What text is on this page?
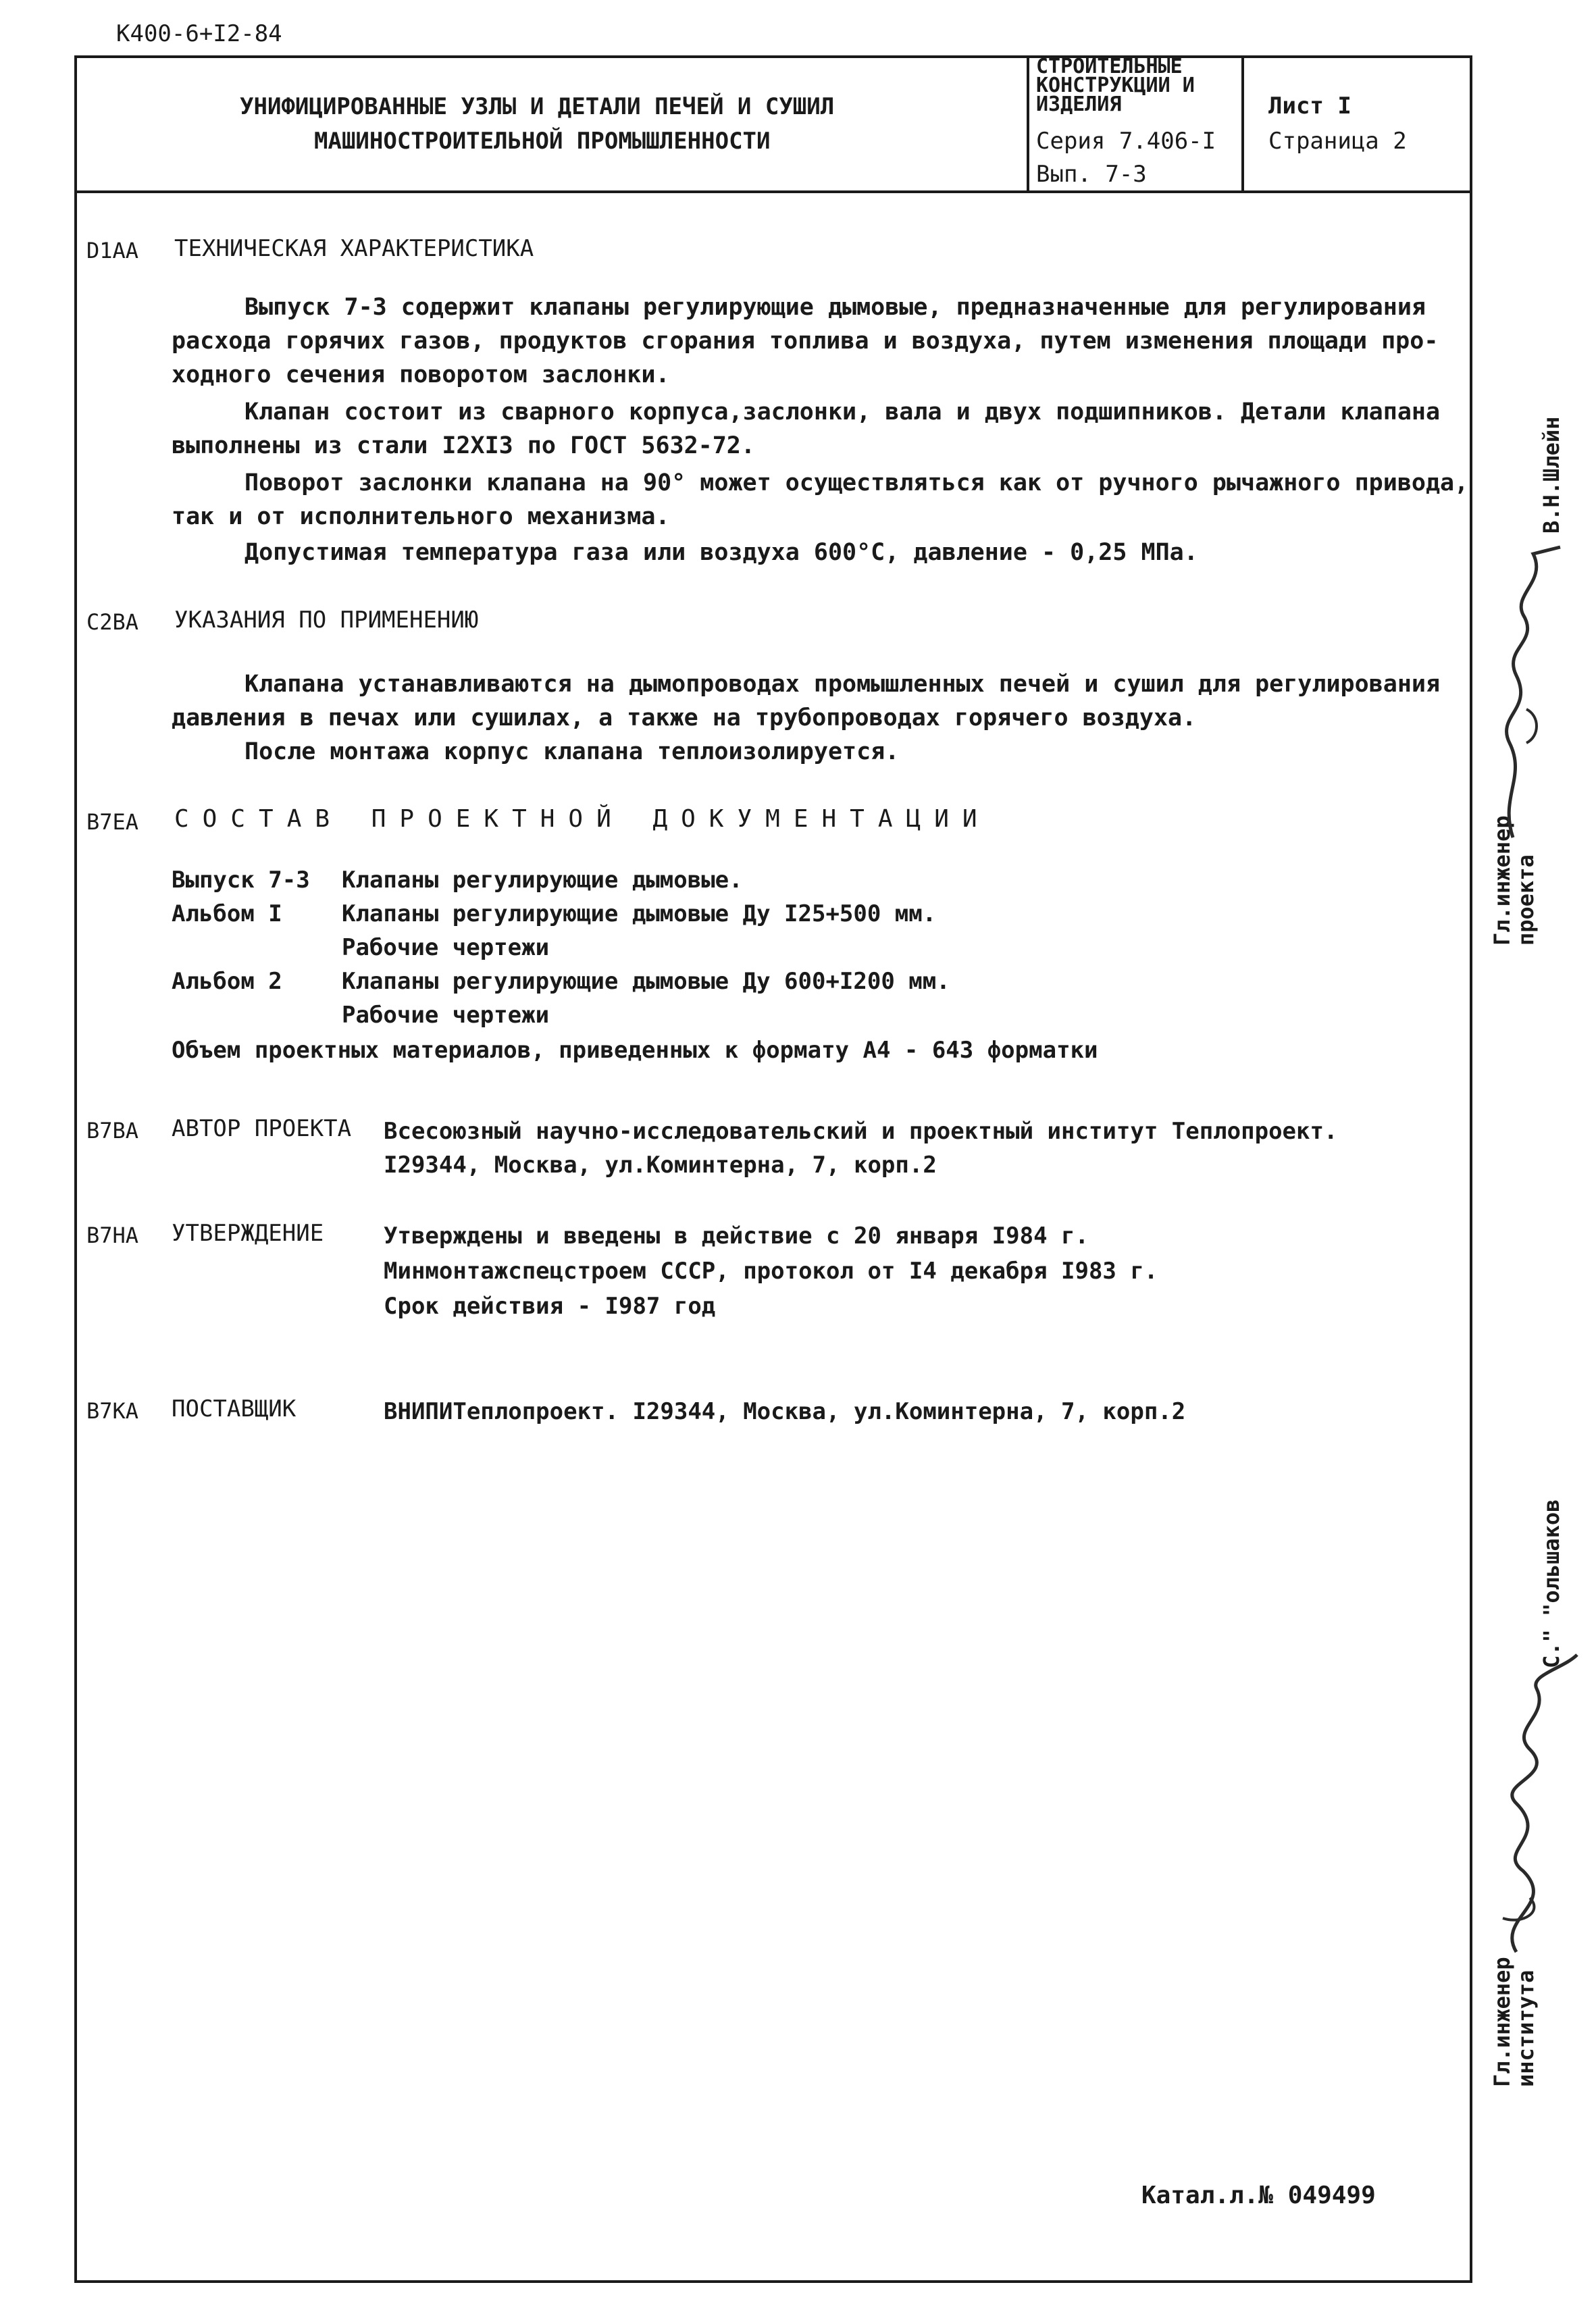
К400-6+I2-84
УНИФИЦИРОВАННЫЕ УЗЛЫ И ДЕТАЛИ ПЕЧЕЙ И СУШИЛ
МАШИНОСТРОИТЕЛЬНОЙ ПРОМЫШЛЕННОСТИ
СТРОИТЕЛЬНЫЕ
КОНСТРУКЦИИ И
ИЗДЕЛИЯ
Серия 7.406-I
Вып. 7-3
Лист I
Страница 2
D1AA ТЕХНИЧЕСКАЯ ХАРАКТЕРИСТИКА
Выпуск 7-3 содержит клапаны регулирующие дымовые, предназначенные для регулирования
расхода горячих газов, продуктов сгорания топлива и воздуха, путем изменения площади про-
ходного сечения поворотом заслонки.
Клапан состоит из сварного корпуса,заслонки, вала и двух подшипников. Детали клапана
выполнены из стали I2XI3 по ГОСТ 5632-72.
Поворот заслонки клапана на 90° может осуществляться как от ручного рычажного привода,
так и от исполнительного механизма.
Допустимая температура газа или воздуха 600°С, давление - 0,25 МПа.
C2BA УКАЗАНИЯ ПО ПРИМЕНЕНИЮ
Клапана устанавливаются на дымопроводах промышленных печей и сушил для регулирования
давления в печах или сушилах, а также на трубопроводах горячего воздуха.
После монтажа корпус клапана теплоизолируется.
B7EA СОСТАВ ПРОЕКТНОЙ ДОКУМЕНТАЦИИ
Выпуск 7-3 Клапаны регулирующие дымовые.
Альбом I	Клапаны регулирующие дымовые Ду I25+500 мм.
Рабочие чертежи
Альбом 2	Клапаны регулирующие дымовые Ду 600+I200 мм.
Рабочие чертежи
Объем проектных материалов, приведенных к формату А4 - 643 форматки
B7BA АВТОР ПРОЕКТА Всесоюзный научно-исследовательский и проектный институт Теплопроект.
I29344, Москва, ул.Коминтерна, 7, корп.2
B7HA УТВЕРЖДЕНИЕ	Утверждены и введены в действие с 20 января I984 г.
Минмонтажспецстроем СССР, протокол от I4 декабря I983 г.
Срок действия - I987 год
B7KA ПОСТАВЩИК	ВНИПИТеплопроект. I29344, Москва, ул.Коминтерна, 7, корп.2
Гл.инженер
проекта
В.Н.Шлейн
Гл.инженер
института
С." "ольшаков
Катал.л.№ 049499
